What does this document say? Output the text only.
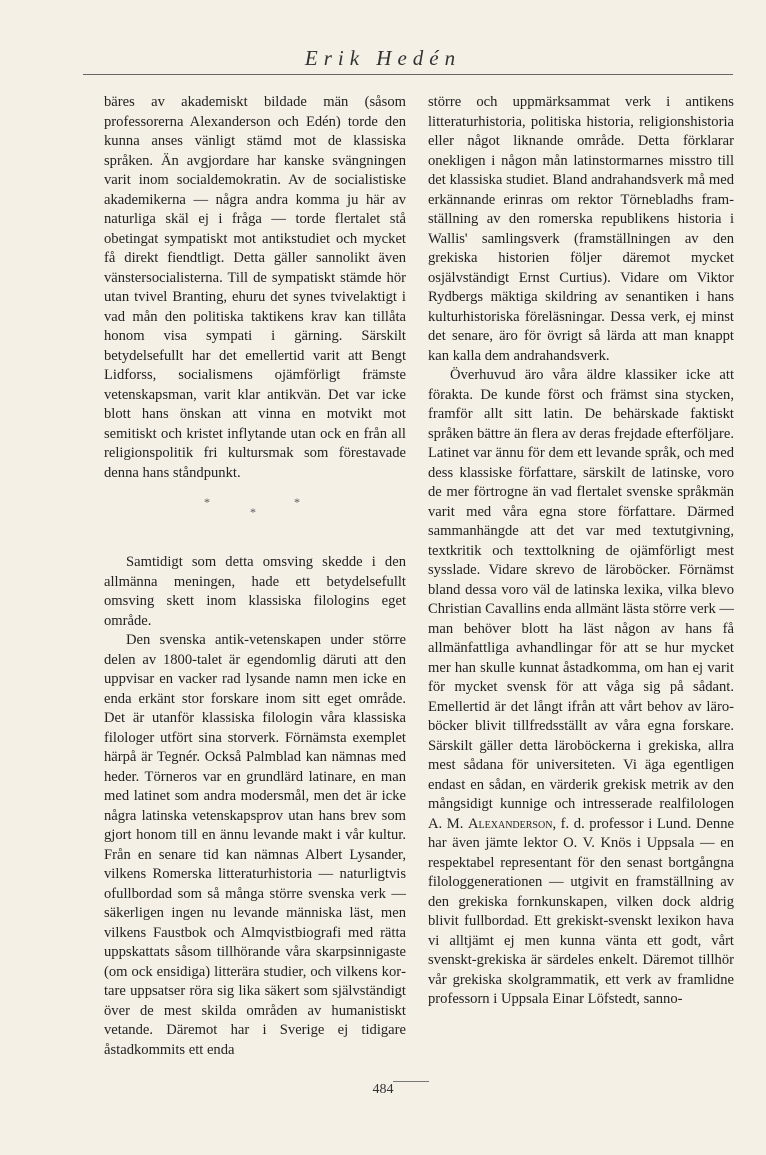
Erik Hedén

bäres av akademiskt bildade män (såsom professorerna Alexanderson och Edén) torde den kunna anses vänligt stämd mot de klassiska språken. Än avgjordare har kanske svängningen varit inom socialdemokratin. Av de socialistiske akademikerna — några andra komma ju här av naturliga skäl ej i fråga — torde flertalet stå obetingat sympatiskt mot antikstudiet och mycket få direkt fiendtligt. Detta gäller sannolikt även vänstersocialisterna. Till de sympatiskt stämde hör utan tvivel Branting, ehuru det synes tvivelaktigt i vad mån den politiska taktikens krav kan tillåta honom visa sympati i gärning. Särskilt betydelsefullt har det emellertid varit att Bengt Lidforss, socialismens ojämförligt främste vetenskapsman, varit klar antikvän. Det var icke blott hans önskan att vinna en motvikt mot semitiskt och kristet inflytande utan ock en från all religionspolitik fri kultursmak som förestavade denna hans ståndpunkt.

*
*
*

Samtidigt som detta omsving skedde i den allmänna meningen, hade ett betydelsefullt omsving skett inom klassiska filologins eget område.

Den svenska antik-vetenskapen under större delen av 1800-talet är egendomlig däruti att den uppvisar en vacker rad lysande namn men icke en enda erkänt stor forskare inom sitt eget område. Det är utanför klassiska filologin våra klassiska filologer utfört sina storverk. Förnämsta exemplet härpå är Tegnér. Också Palmblad kan nämnas med heder. Törneros var en grundlärd latinare, en man med latinet som andra modersmål, men det är icke några latinska vetenskapsprov utan hans brev som gjort honom till en ännu levande makt i vår kultur. Från en senare tid kan nämnas Albert Lysander, vilkens Romerska litteraturhistoria — naturligtvis ofullbordad som så många större svenska verk — säkerligen ingen nu levande människa läst, men vilkens Faustbok och Almqvistbiografi med rätta uppskattats såsom tillhörande våra skarpsinnigaste (om ock ensidiga) litterära studier, och vilkens kortare uppsatser röra sig lika säkert som självständigt över de mest skilda områden av humanistiskt vetande. Däremot har i Sverige ej tidigare åstadkommits ett enda

större och uppmärksammat verk i antikens litteraturhistoria, politiska historia, religionshistoria eller något liknande område. Detta förklarar onekligen i någon mån latinstormarnes misstro till det klassiska studiet. Bland andrahandsverk må med erkännande erinras om rektor Törnebladhs framställning av den romerska republikens historia i Wallis' samlingsverk (framställningen av den grekiska historien följer däremot mycket osjälvständigt Ernst Curtius). Vidare om Viktor Rydbergs mäktiga skildring av senantiken i hans kulturhistoriska föreläsningar. Dessa verk, ej minst det senare, äro för övrigt så lärda att man knappt kan kalla dem andrahandsverk.

Överhuvud äro våra äldre klassiker icke att förakta. De kunde först och främst sina stycken, framför allt sitt latin. De behärskade faktiskt språken bättre än flera av deras frejdade efterföljare. Latinet var ännu för dem ett levande språk, och med dess klassiske författare, särskilt de latinske, voro de mer förtrogne än vad flertalet svenske språkmän varit med våra egna store författare. Därmed sammanhängde att det var med textutgivning, textkritik och texttolkning de ojämförligt mest sysslade. Vidare skrevo de läroböcker. Förnämst bland dessa voro väl de latinska lexika, vilka blevo Christian Cavallins enda allmänt lästa större verk — man behöver blott ha läst någon av hans få allmänfattliga avhandlingar för att se hur mycket mer han skulle kunnat åstadkomma, om han ej varit för mycket svensk för att våga sig på sådant. Emellertid är det långt ifrån att vårt behov av läroböcker blivit tillfredsställt av våra egna forskare. Särskilt gäller detta läroböckerna i grekiska, allra mest sådana för universiteten. Vi äga egentligen endast en sådan, en värderik grekisk metrik av den mångsidigt kunnige och intresserade realfilologen A. M. Alexanderson, f. d. professor i Lund. Denne har även jämte lektor O. V. Knös i Uppsala — en respektabel representant för den senast bortgångna filologgenerationen — utgivit en framställning av den grekiska fornkunskapen, vilken dock aldrig blivit fullbordad. Ett grekiskt-svenskt lexikon hava vi alltjämt ej men kunna vänta ett godt, vårt svenskt-grekiska är särdeles enkelt. Däremot tillhör vår grekiska skolgrammatik, ett verk av framlidne professorn i Uppsala Einar Löfstedt, sanno-

484
